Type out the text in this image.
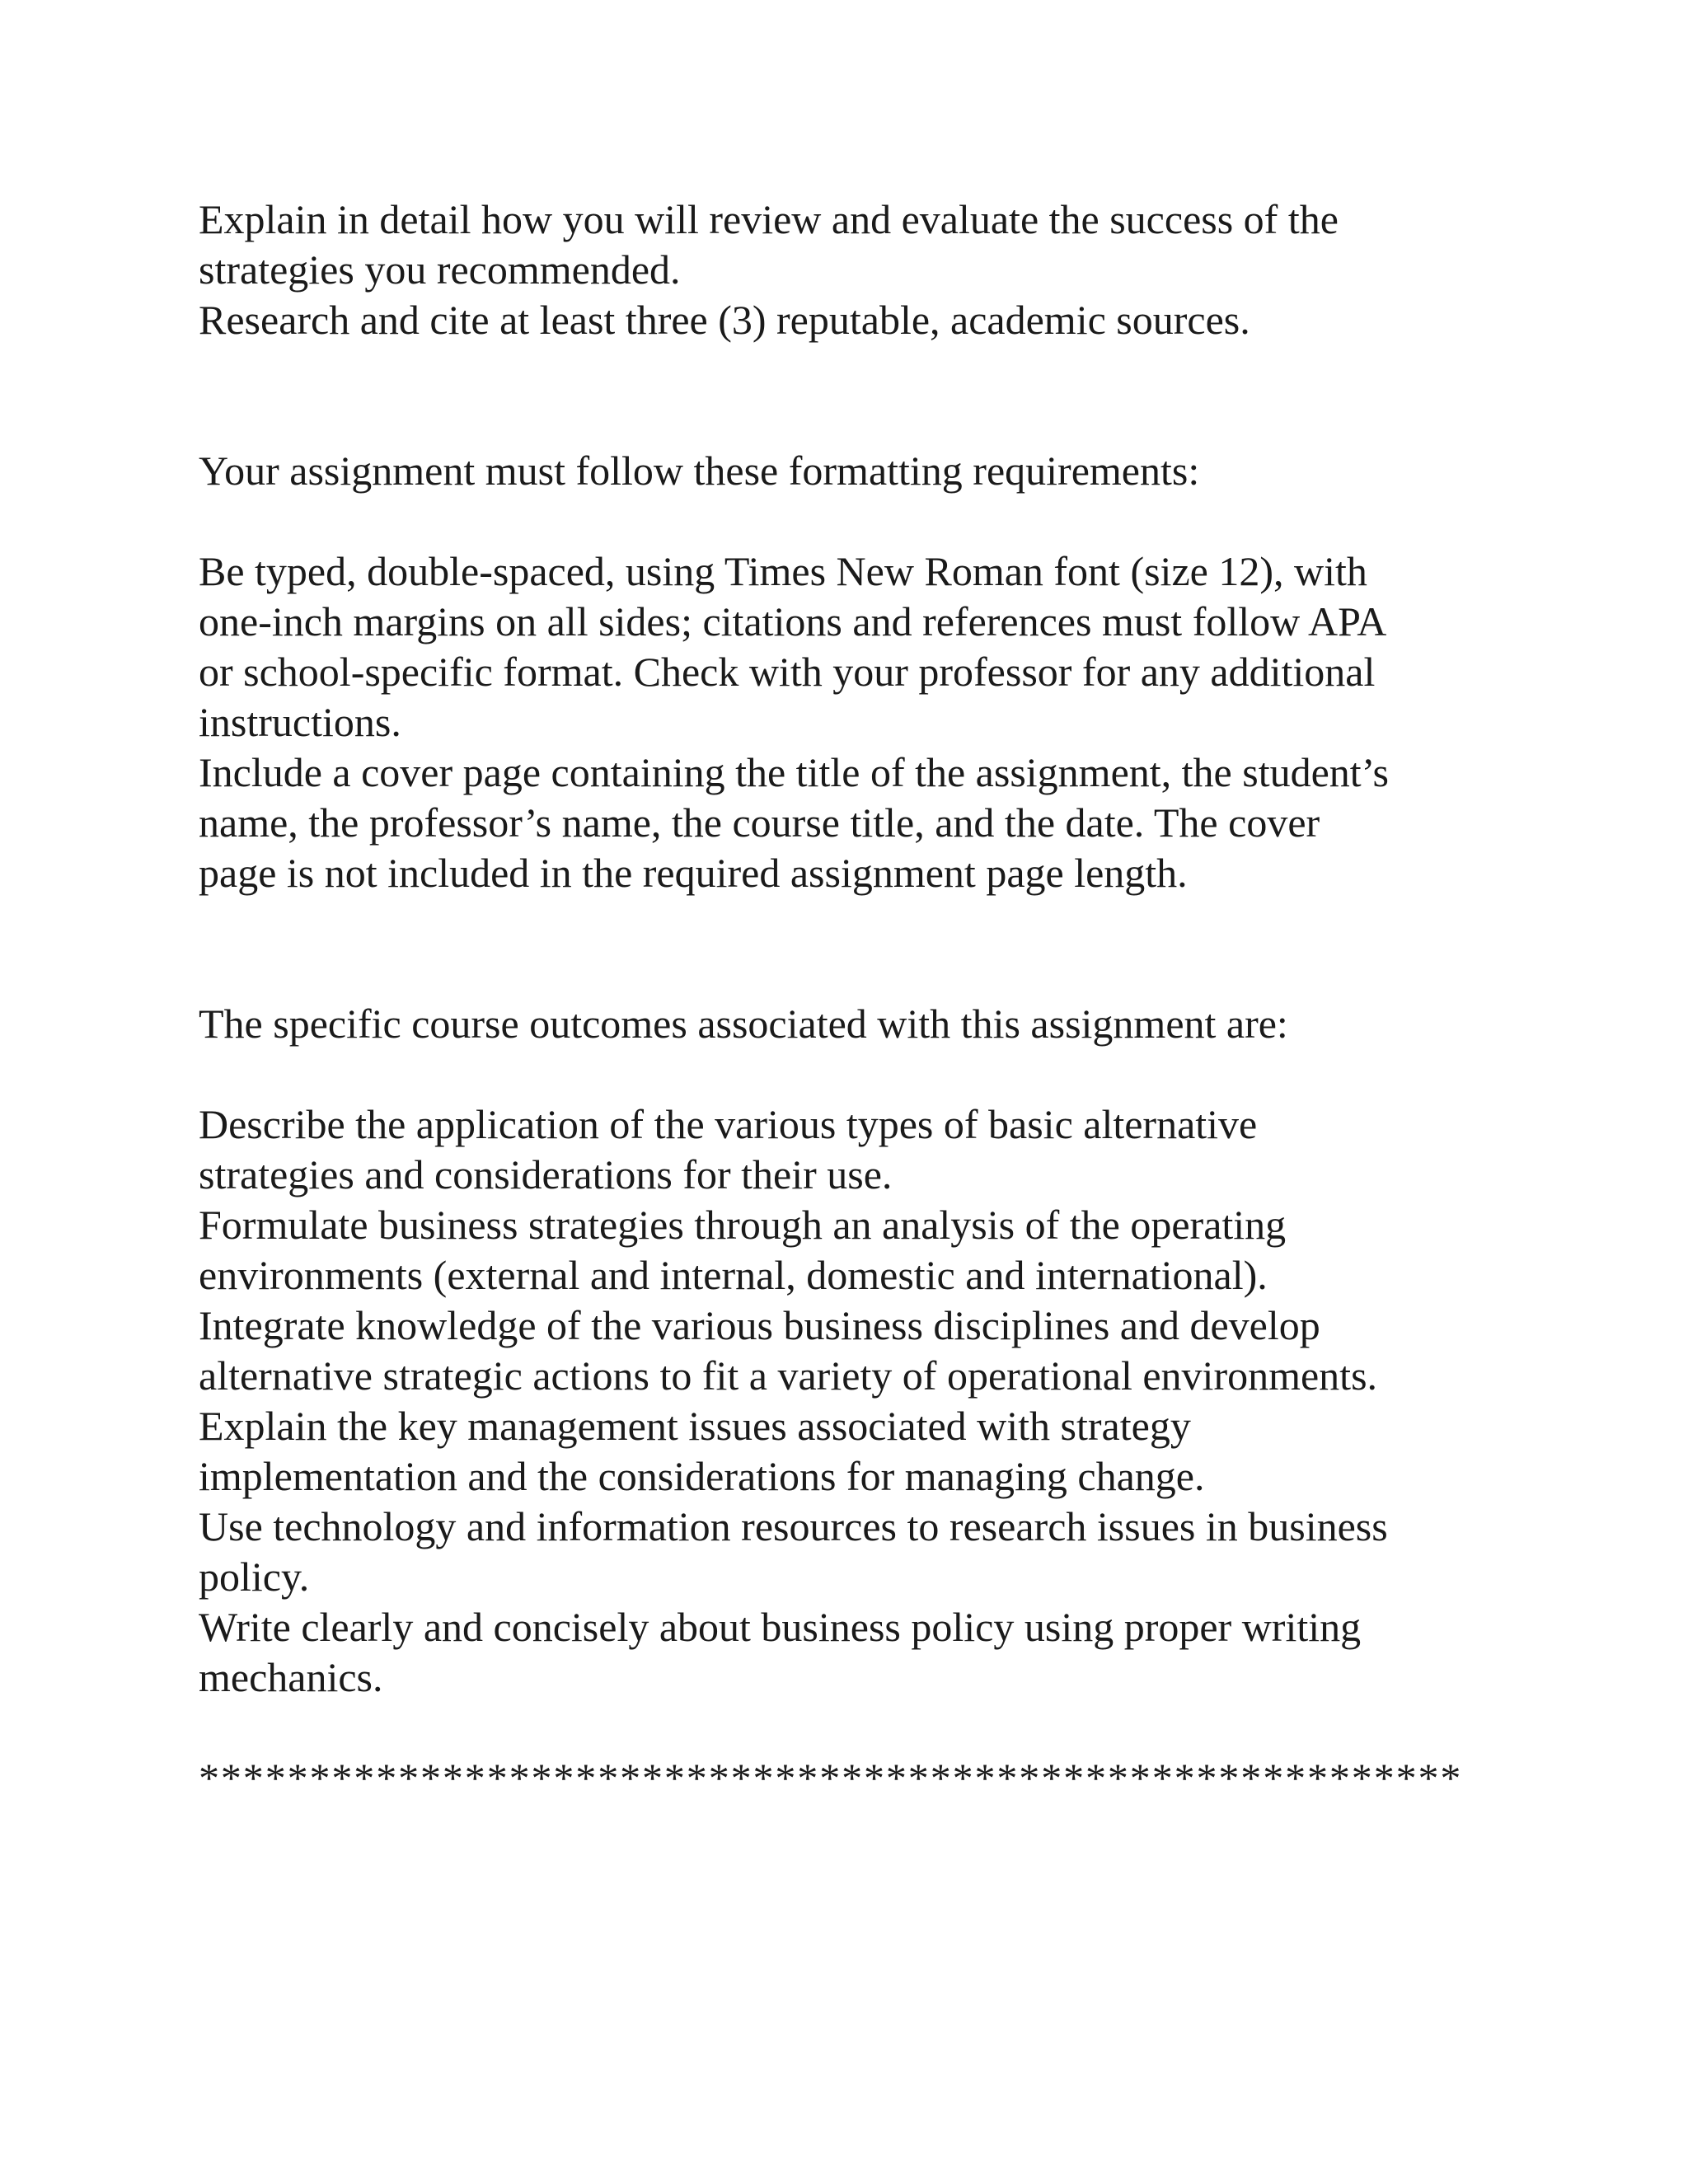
Explain in detail how you will review and evaluate the success of the
strategies you recommended.
Research and cite at least three (3) reputable, academic sources.
Your assignment must follow these formatting requirements:
Be typed, double-spaced, using Times New Roman font (size 12), with
one-inch margins on all sides; citations and references must follow APA
or school-specific format. Check with your professor for any additional
instructions.
Include a cover page containing the title of the assignment, the student’s
name, the professor’s name, the course title, and the date. The cover
page is not included in the required assignment page length.
The specific course outcomes associated with this assignment are:
Describe the application of the various types of basic alternative
strategies and considerations for their use.
Formulate business strategies through an analysis of the operating
environments (external and internal, domestic and international).
Integrate knowledge of the various business disciplines and develop
alternative strategic actions to fit a variety of operational environments.
Explain the key management issues associated with strategy
implementation and the considerations for managing change.
Use technology and information resources to research issues in business
policy.
Write clearly and concisely about business policy using proper writing
mechanics.
*********************************************************
